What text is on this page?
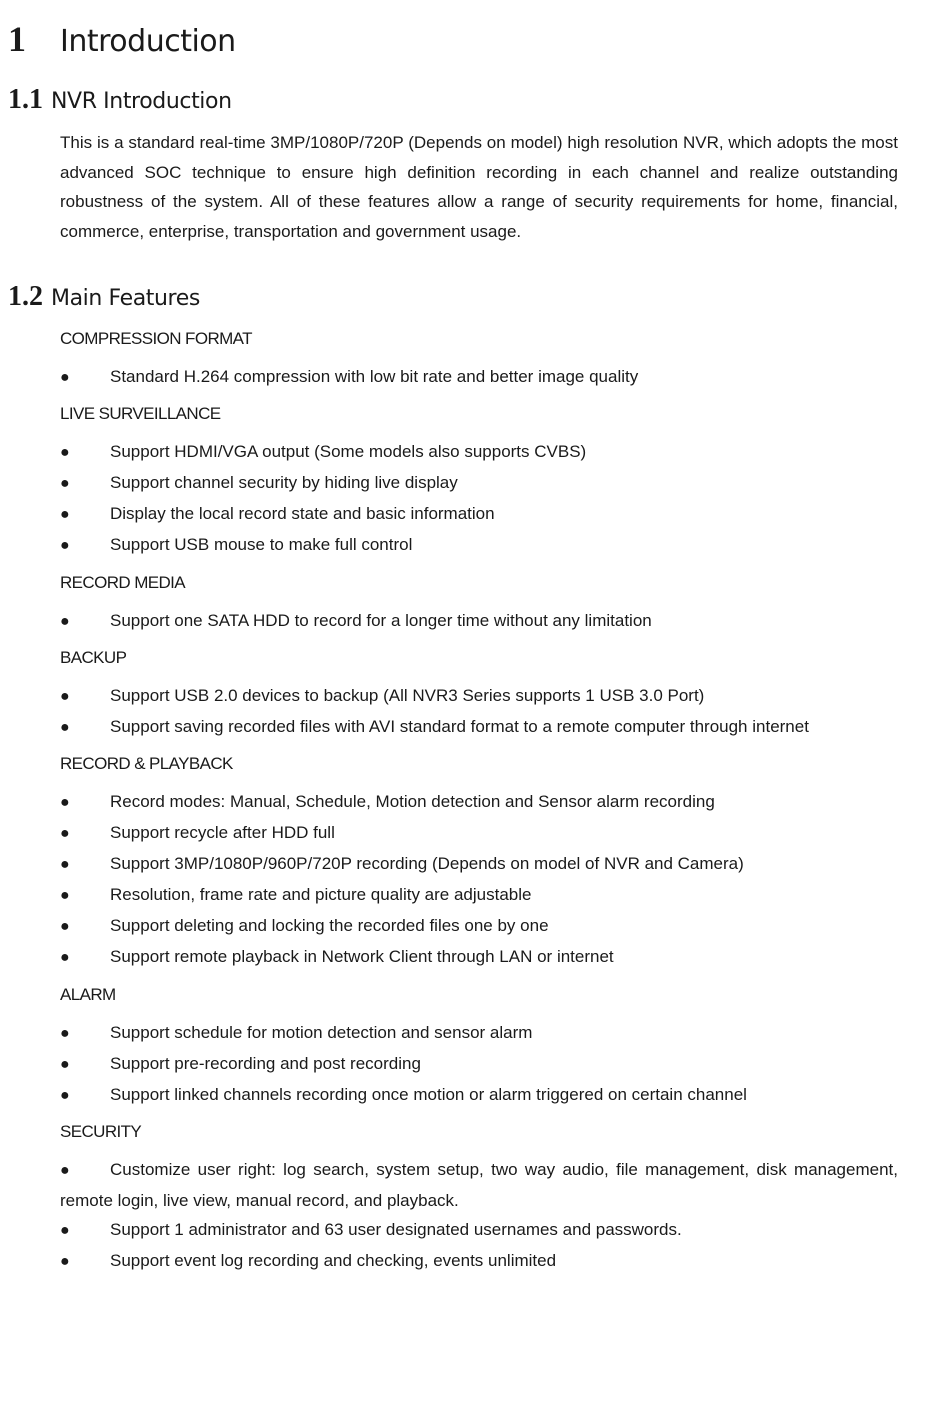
1	Introduction
1.1 NVR Introduction

This is a standard real-time 3MP/1080P/720P (Depends on model) high resolution NVR, which adopts the most advanced SOC technique to ensure high definition recording in each channel and realize outstanding robustness of the system. All of these features allow a range of security requirements for home, financial, commerce, enterprise, transportation and government usage.

1.2 Main Features

COMPRESSION FORMAT

● Standard H.264 compression with low bit rate and better image quality

LIVE SURVEILLANCE

● Support HDMI/VGA output (Some models also supports CVBS)

● Support channel security by hiding live display

● Display the local record state and basic information

● Support USB mouse to make full control

RECORD MEDIA

● Support one SATA HDD to record for a longer time without any limitation

BACKUP

● Support USB 2.0 devices to backup (All NVR3 Series supports 1 USB 3.0 Port)

● Support saving recorded files with AVI standard format to a remote computer through internet

RECORD & PLAYBACK

● Record modes: Manual, Schedule, Motion detection and Sensor alarm recording

● Support recycle after HDD full

● Support 3MP/1080P/960P/720P recording (Depends on model of NVR and Camera)

● Resolution, frame rate and picture quality are adjustable

● Support deleting and locking the recorded files one by one

● Support remote playback in Network Client through LAN or internet

ALARM

● Support schedule for motion detection and sensor alarm

● Support pre-recording and post recording

● Support linked channels recording once motion or alarm triggered on certain channel

SECURITY

● Customize user right: log search, system setup, two way audio, file management, disk management, remote login, live view, manual record, and playback.

● Support 1 administrator and 63 user designated usernames and passwords.

● Support event log recording and checking, events unlimited
